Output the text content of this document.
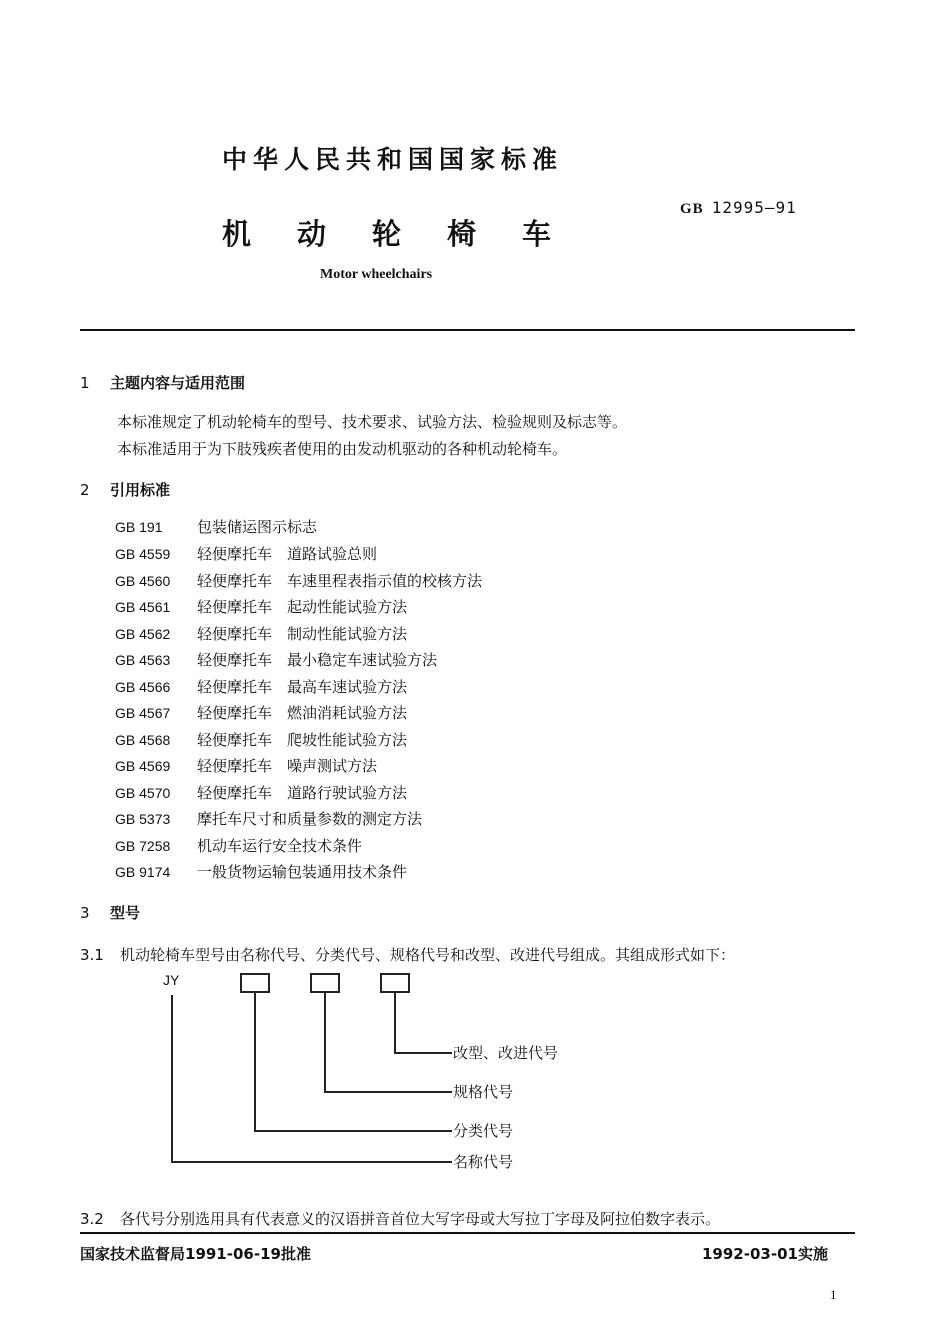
中华人民共和国国家标准
GB 12995—91
机动轮椅车
Motor wheelchairs
1 主题内容与适用范围
本标准规定了机动轮椅车的型号、技术要求、试验方法、检验规则及标志等。
本标准适用于为下肢残疾者使用的由发动机驱动的各种机动轮椅车。
2 引用标准
GB 191 包装储运图示标志
GB 4559 轻便摩托车　道路试验总则
GB 4560 轻便摩托车　车速里程表指示值的校核方法
GB 4561 轻便摩托车　起动性能试验方法
GB 4562 轻便摩托车　制动性能试验方法
GB 4563 轻便摩托车　最小稳定车速试验方法
GB 4566 轻便摩托车　最高车速试验方法
GB 4567 轻便摩托车　燃油消耗试验方法
GB 4568 轻便摩托车　爬坡性能试验方法
GB 4569 轻便摩托车　噪声测试方法
GB 4570 轻便摩托车　道路行驶试验方法
GB 5373 摩托车尺寸和质量参数的测定方法
GB 7258 机动车运行安全技术条件
GB 9174 一般货物运输包装通用技术条件
3 型号
3.1 机动轮椅车型号由名称代号、分类代号、规格代号和改型、改进代号组成。其组成形式如下：
JY
改型、改进代号
规格代号
分类代号
名称代号
3.2 各代号分别选用具有代表意义的汉语拼音首位大写字母或大写拉丁字母及阿拉伯数字表示。
国家技术监督局1991-06-19批准	1992-03-01实施
1
